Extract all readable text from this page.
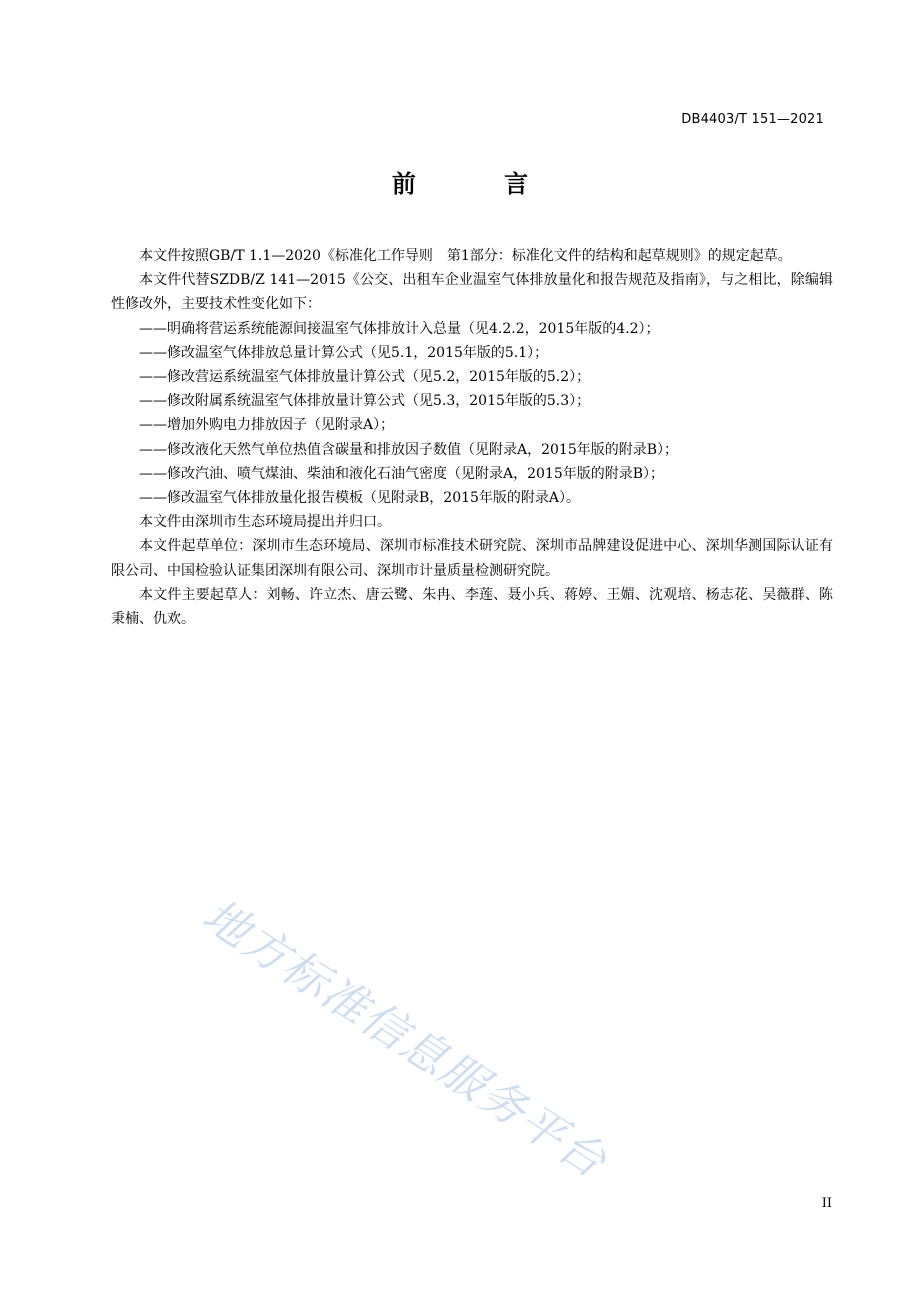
DB4403/T 151—2021
前 言

本文件按照GB/T 1.1—2020《标准化工作导则　第1部分：标准化文件的结构和起草规则》的规定起草。

本文件代替SZDB/Z 141—2015《公交、出租车企业温室气体排放量化和报告规范及指南》，与之相比，除编辑性修改外，主要技术性变化如下：

——明确将营运系统能源间接温室气体排放计入总量（见4.2.2，2015年版的4.2）；

——修改温室气体排放总量计算公式（见5.1，2015年版的5.1）；

——修改营运系统温室气体排放量计算公式（见5.2，2015年版的5.2）；

——修改附属系统温室气体排放量计算公式（见5.3，2015年版的5.3）；

——增加外购电力排放因子（见附录A）；

——修改液化天然气单位热值含碳量和排放因子数值（见附录A，2015年版的附录B）；

——修改汽油、喷气煤油、柴油和液化石油气密度（见附录A，2015年版的附录B）；

——修改温室气体排放量化报告模板（见附录B，2015年版的附录A）。

本文件由深圳市生态环境局提出并归口。

本文件起草单位：深圳市生态环境局、深圳市标准技术研究院、深圳市品牌建设促进中心、深圳华测国际认证有限公司、中国检验认证集团深圳有限公司、深圳市计量质量检测研究院。

本文件主要起草人：刘畅、许立杰、唐云鹭、朱冉、李莲、聂小兵、蒋婷、王媚、沈观培、杨志花、吴薇群、陈秉楠、仇欢。

地方标准信息服务平台
II
